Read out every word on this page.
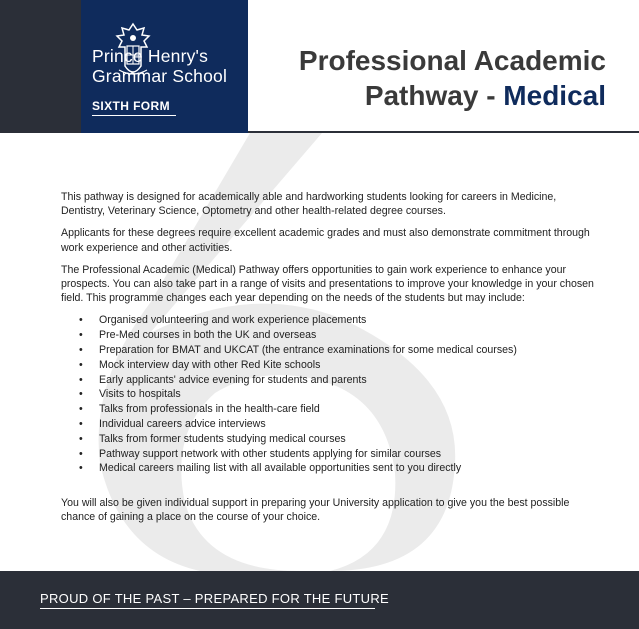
Prince Henry's
Grammar School
SIXTH FORM
Professional Academic
Pathway - Medical

This pathway is designed for academically able and hardworking students looking for careers in Medicine, Dentistry, Veterinary Science, Optometry and other health-related degree courses.

Applicants for these degrees require excellent academic grades and must also demonstrate commitment through work experience and other activities.

The Professional Academic (Medical) Pathway offers opportunities to gain work experience to enhance your prospects. You can also take part in a range of visits and presentations to improve your knowledge in your chosen field. This programme changes each year depending on the needs of the students but may include:

• Organised volunteering and work experience placements
• Pre-Med courses in both the UK and overseas
• Preparation for BMAT and UKCAT (the entrance examinations for some medical courses)
• Mock interview day with other Red Kite schools
• Early applicants' advice evening for students and parents
• Visits to hospitals
• Talks from professionals in the health-care field
• Individual careers advice interviews
• Talks from former students studying medical courses
• Pathway support network with other students applying for similar courses
• Medical careers mailing list with all available opportunities sent to you directly
You will also be given individual support in preparing your University application to give you the best possible chance of gaining a place on the course of your choice.
PROUD OF THE PAST – PREPARED FOR THE FUTURE
